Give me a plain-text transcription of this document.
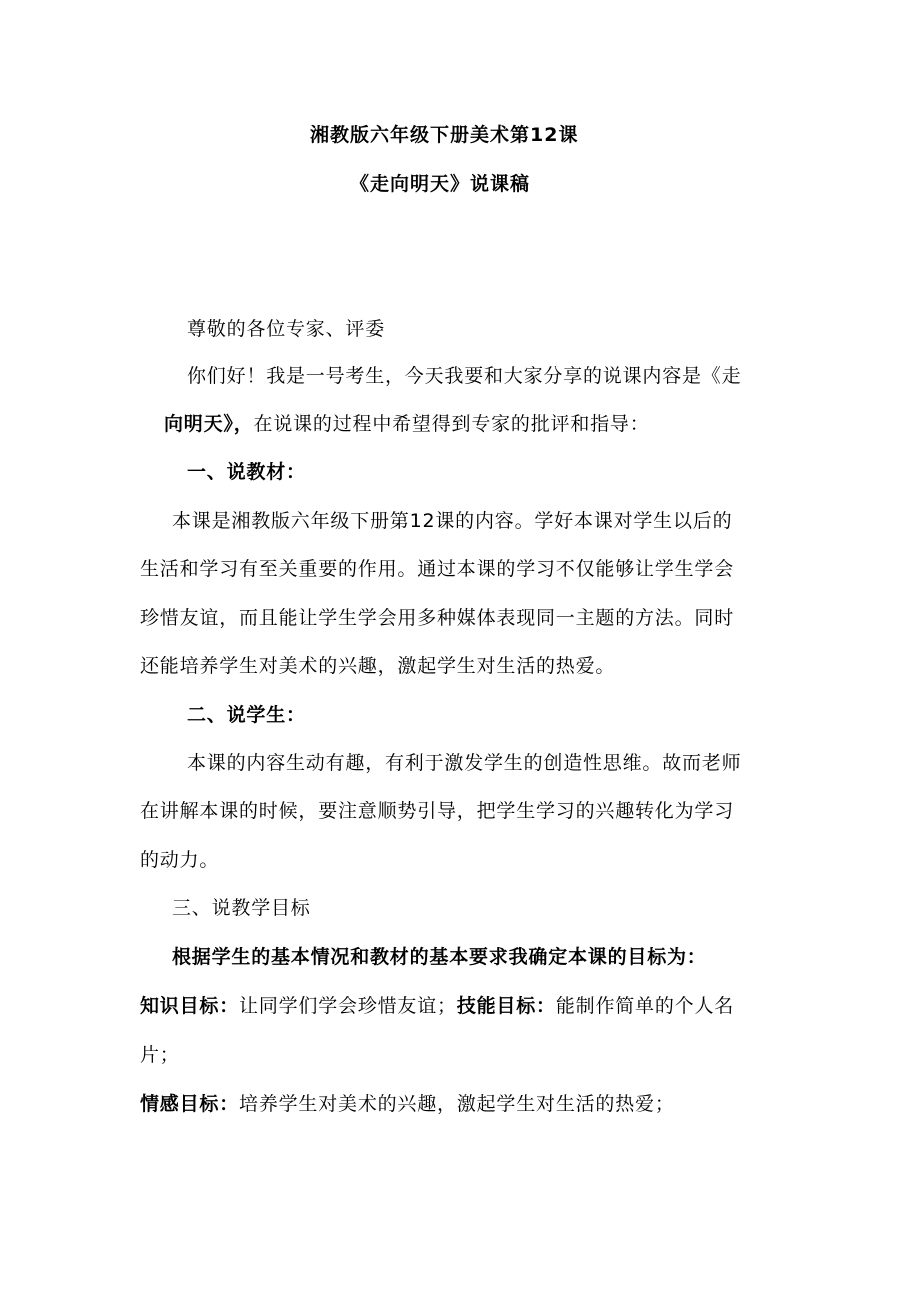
湘教版六年级下册美术第12课
《走向明天》说课稿
尊敬的各位专家、评委
你们好！我是一号考生，今天我要和大家分享的说课内容是《走
向明天》，在说课的过程中希望得到专家的批评和指导：
一、说教材：
本课是湘教版六年级下册第12课的内容。学好本课对学生以后的
生活和学习有至关重要的作用。通过本课的学习不仅能够让学生学会
珍惜友谊，而且能让学生学会用多种媒体表现同一主题的方法。同时
还能培养学生对美术的兴趣，激起学生对生活的热爱。
二、说学生：
本课的内容生动有趣，有利于激发学生的创造性思维。故而老师
在讲解本课的时候，要注意顺势引导，把学生学习的兴趣转化为学习
的动力。
三、说教学目标
根据学生的基本情况和教材的基本要求我确定本课的目标为：
知识目标：让同学们学会珍惜友谊；技能目标：能制作简单的个人名
片；
情感目标：培养学生对美术的兴趣，激起学生对生活的热爱；
